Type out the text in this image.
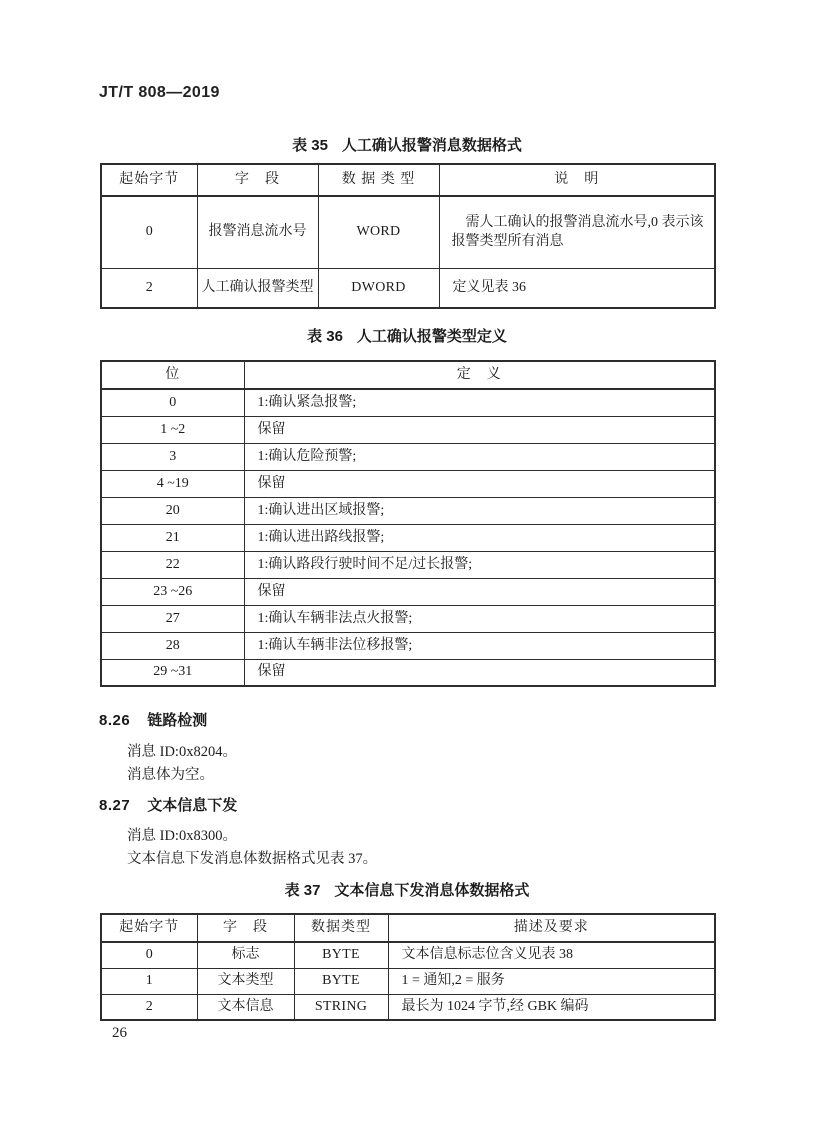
JT/T 808—2019
表 35 人工确认报警消息数据格式
起始字节	字　段	数 据 类 型	说　明
0	报警消息流水号	WORD	需人工确认的报警消息流水号,0 表示该报警类型所有消息
2	人工确认报警类型	DWORD	定义见表 36
表 36 人工确认报警类型定义
位	定　义
0	1:确认紧急报警;
1 ~2	保留
3	1:确认危险预警;
4 ~19	保留
20	1:确认进出区域报警;
21	1:确认进出路线报警;
22	1:确认路段行驶时间不足/过长报警;
23 ~26	保留
27	1:确认车辆非法点火报警;
28	1:确认车辆非法位移报警;
29 ~31	保留
8.26 链路检测
消息 ID:0x8204。
消息体为空。
8.27 文本信息下发
消息 ID:0x8300。
文本信息下发消息体数据格式见表 37。
表 37 文本信息下发消息体数据格式
起始字节	字　段	数据类型	描述及要求
0	标志	BYTE	文本信息标志位含义见表 38
1	文本类型	BYTE	1 = 通知,2 = 服务
2	文本信息	STRING	最长为 1024 字节,经 GBK 编码
26
